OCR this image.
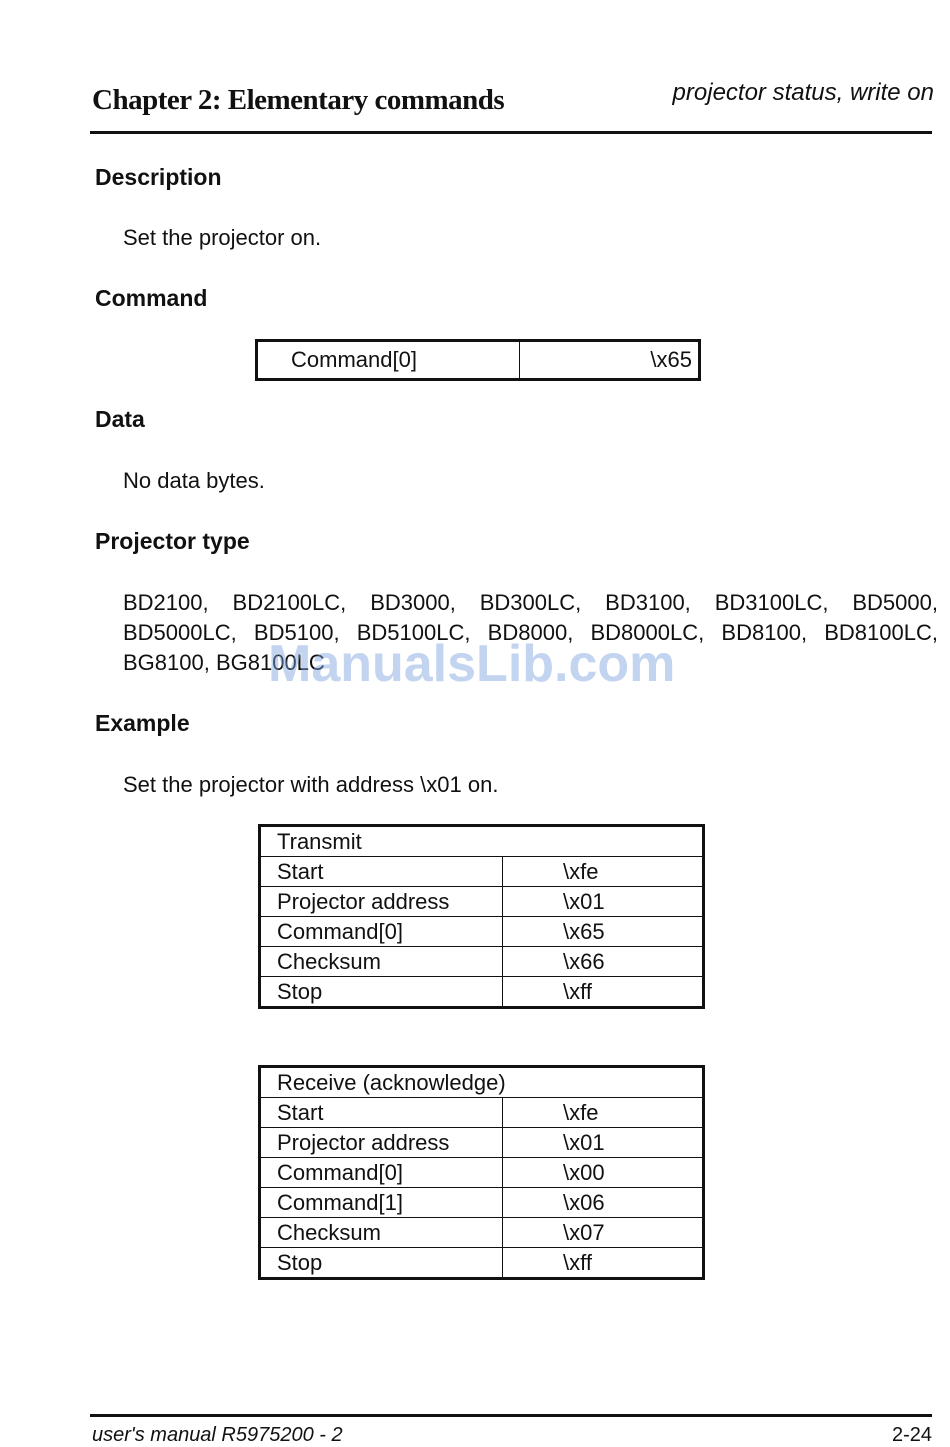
Chapter 2: Elementary commands	projector status, write on
Description
Set the projector on.
Command
Command[0]	\x65
Data
No data bytes.
Projector type
BD2100, BD2100LC, BD3000, BD300LC, BD3100, BD3100LC, BD5000,
BD5000LC, BD5100, BD5100LC, BD8000, BD8000LC, BD8100, BD8100LC,
BG8100, BG8100LC
ManualsLib.com
Example
Set the projector with address \x01 on.
Transmit	
Start	\xfe
Projector address	\x01
Command[0]	\x65
Checksum	\x66
Stop	\xff
Receive (acknowledge)	
Start	\xfe
Projector address	\x01
Command[0]	\x00
Command[1]	\x06
Checksum	\x07
Stop	\xff
user's manual R5975200 - 2	2-24
